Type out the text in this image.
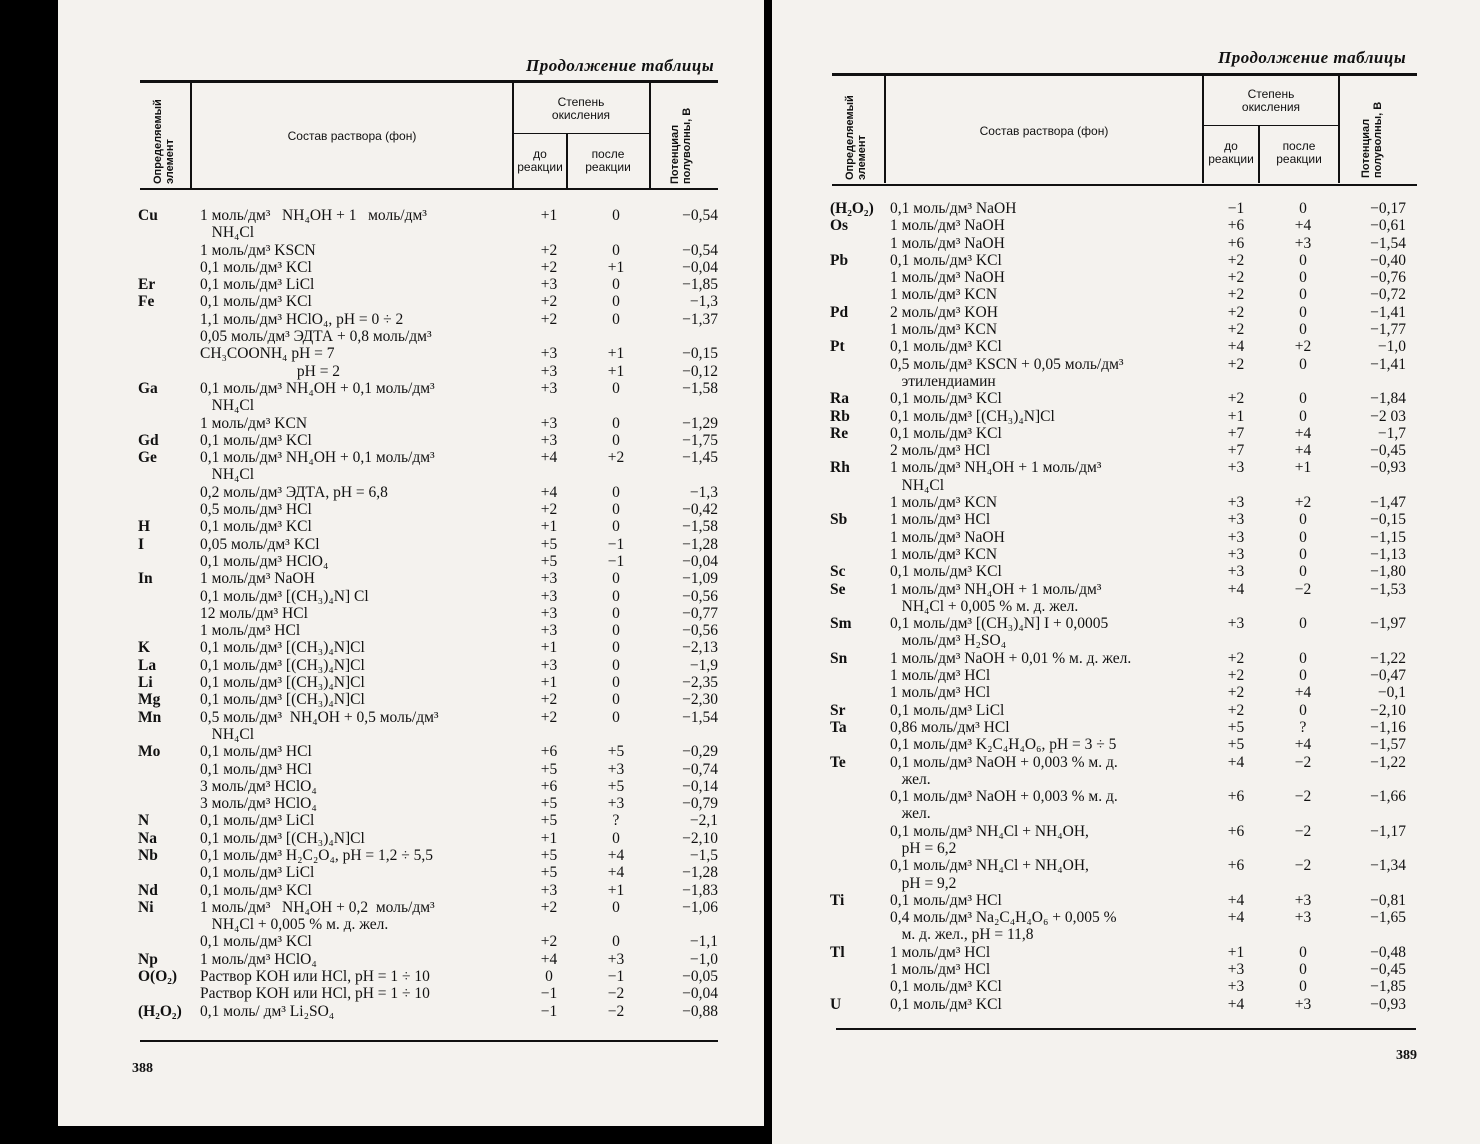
Продолжение таблицы
Определяемый элемент
Состав раствора (фон)
Степень окисления
до реакции
после реакции	Потенциал полуволны, В
Cu	1 моль/дм³   NH₄OH + 1   моль/дм³	+1	0	−0,54
NH₄Cl
1 моль/дм³ KSCN	+2	0	−0,54
0,1 моль/дм³ KCl	+2	+1	−0,04
Er	0,1 моль/дм³ LiCl	+3	0	−1,85
Fe	0,1 моль/дм³ KCl	+2	0	−1,3
1,1 моль/дм³ HClO₄, pH = 0 ÷ 2	+2	0	−1,37
0,05 моль/дм³ ЭДТА + 0,8 моль/дм³
CH₃COONH₄ pH = 7	+3	+1	−0,15
pH = 2	+3	+1	−0,12
Ga	0,1 моль/дм³ NH₄OH + 0,1 моль/дм³	+3	0	−1,58
NH₄Cl
1 моль/дм³ KCN	+3	0	−1,29
Gd	0,1 моль/дм³ KCl	+3	0	−1,75
Ge	0,1 моль/дм³ NH₄OH + 0,1 моль/дм³	+4	+2	−1,45
NH₄Cl
0,2 моль/дм³ ЭДТА, pH = 6,8	+4	0	−1,3
0,5 моль/дм³ HCl	+2	0	−0,42
H	0,1 моль/дм³ KCl	+1	0	−1,58
I	0,05 моль/дм³ KCl	+5	−1	−1,28
0,1 моль/дм³ HClO₄	+5	−1	−0,04
In	1 моль/дм³ NaOH	+3	0	−1,09
0,1 моль/дм³ [(CH₃)₄N] Cl	+3	0	−0,56
12 моль/дм³ HCl	+3	0	−0,77
1 моль/дм³ HCl	+3	0	−0,56
K	0,1 моль/дм³ [(CH₃)₄N]Cl	+1	0	−2,13
La	0,1 моль/дм³ [(CH₃)₄N]Cl	+3	0	−1,9
Li	0,1 моль/дм³ [(CH₃)₄N]Cl	+1	0	−2,35
Mg	0,1 моль/дм³ [(CH₃)₄N]Cl	+2	0	−2,30
Mn	0,5 моль/дм³  NH₄OH + 0,5 моль/дм³	+2	0	−1,54
NH₄Cl
Mo	0,1 моль/дм³ HCl	+6	+5	−0,29
0,1 моль/дм³ HCl	+5	+3	−0,74
3 моль/дм³ HClO₄	+6	+5	−0,14
3 моль/дм³ HClO₄	+5	+3	−0,79
N	0,1 моль/дм³ LiCl	+5	?	−2,1
Na	0,1 моль/дм³ [(CH₃)₄N]Cl	+1	0	−2,10
Nb	0,1 моль/дм³ H₂C₂O₄, pH = 1,2 ÷ 5,5	+5	+4	−1,5
0,1 моль/дм³ LiCl	+5	+4	−1,28
Nd	0,1 моль/дм³ KCl	+3	+1	−1,83
Ni	1 моль/дм³   NH₄OH + 0,2  моль/дм³	+2	0	−1,06
NH₄Cl + 0,005 % м. д. жел.
0,1 моль/дм³ KCl	+2	0	−1,1
Np	1 моль/дм³ HClO₄	+4	+3	−1,0
O(O₂)	Раствор KOH или HCl, pH = 1 ÷ 10	0	−1	−0,05
Раствор KOH или HCl, pH = 1 ÷ 10	−1	−2	−0,04
(H₂O₂)	0,1 моль/ дм³ Li₂SO₄	−1	−2	−0,88
388
Продолжение таблицы
Определяемый элемент
Состав раствора (фон)
Степень окисления
до реакции
после реакции	Потенциал полуволны, В
(H₂O₂)	0,1 моль/дм³ NaOH	−1	0	−0,17
Os	1 моль/дм³ NaOH	+6	+4	−0,61
1 моль/дм³ NaOH	+6	+3	−1,54
Pb	0,1 моль/дм³ KCl	+2	0	−0,40
1 моль/дм³ NaOH	+2	0	−0,76
1 моль/дм³ KCN	+2	0	−0,72
Pd	2 моль/дм³ KOH	+2	0	−1,41
1 моль/дм³ KCN	+2	0	−1,77
Pt	0,1 моль/дм³ KCl	+4	+2	−1,0
0,5 моль/дм³ KSCN + 0,05 моль/дм³	+2	0	−1,41
этилендиамин
Ra	0,1 моль/дм³ KCl	+2	0	−1,84
Rb	0,1 моль/дм³ [(CH₃)₄N]Cl	+1	0	−2 03
Re	0,1 моль/дм³ KCl	+7	+4	−1,7
2 моль/дм³ HCl	+7	+4	−0,45
Rh	1 моль/дм³ NH₄OH + 1 моль/дм³	+3	+1	−0,93
NH₄Cl
1 моль/дм³ KCN	+3	+2	−1,47
Sb	1 моль/дм³ HCl	+3	0	−0,15
1 моль/дм³ NaOH	+3	0	−1,15
1 моль/дм³ KCN	+3	0	−1,13
Sc	0,1 моль/дм³ KCl	+3	0	−1,80
Se	1 моль/дм³ NH₄OH + 1 моль/дм³	+4	−2	−1,53
NH₄Cl + 0,005 % м. д. жел.
Sm	0,1 моль/дм³ [(CH₃)₄N] I + 0,0005	+3	0	−1,97
моль/дм³ H₂SO₄
Sn	1 моль/дм³ NaOH + 0,01 % м. д. жел.	+2	0	−1,22
1 моль/дм³ HCl	+2	0	−0,47
1 моль/дм³ HCl	+2	+4	−0,1
Sr	0,1 моль/дм³ LiCl	+2	0	−2,10
Ta	0,86 моль/дм³ HCl	+5	?	−1,16
0,1 моль/дм³ K₂C₄H₄O₆, pH = 3 ÷ 5	+5	+4	−1,57
Te	0,1 моль/дм³ NaOH + 0,003 % м. д.	+4	−2	−1,22
жел.
0,1 моль/дм³ NaOH + 0,003 % м. д.	+6	−2	−1,66
жел.
0,1 моль/дм³ NH₄Cl + NH₄OH,	+6	−2	−1,17
pH = 6,2
0,1 моль/дм³ NH₄Cl + NH₄OH,	+6	−2	−1,34
pH = 9,2
Ti	0,1 моль/дм³ HCl	+4	+3	−0,81
0,4 моль/дм³ Na₂C₄H₄O₆ + 0,005 %	+4	+3	−1,65
м. д. жел., pH = 11,8
Tl	1 моль/дм³ HCl	+1	0	−0,48
1 моль/дм³ HCl	+3	0	−0,45
0,1 моль/дм³ KCl	+3	0	−1,85
U	0,1 моль/дм³ KCl	+4	+3	−0,93
389
